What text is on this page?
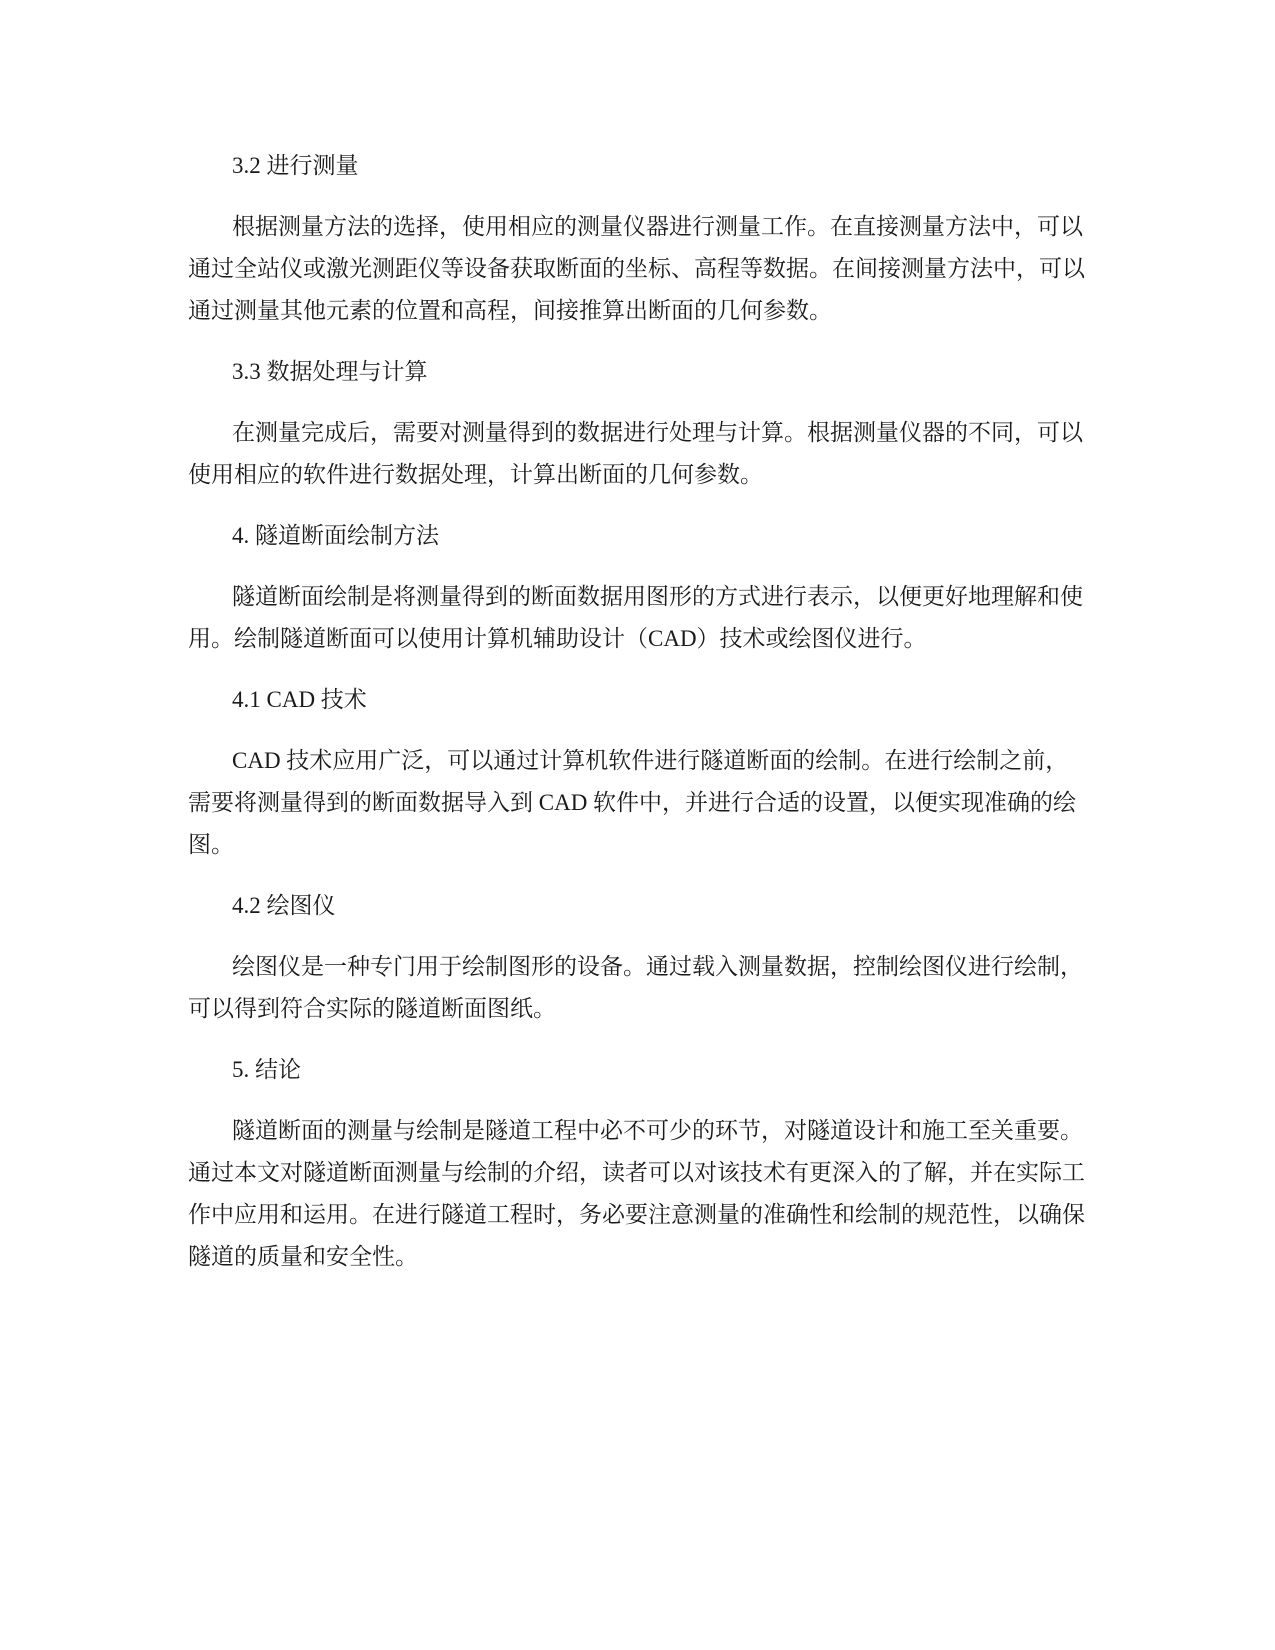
3.2 进行测量
根据测量方法的选择，使用相应的测量仪器进行测量工作。在直接测量方法中，可以通过全站仪或激光测距仪等设备获取断面的坐标、高程等数据。在间接测量方法中，可以通过测量其他元素的位置和高程，间接推算出断面的几何参数。
3.3 数据处理与计算
在测量完成后，需要对测量得到的数据进行处理与计算。根据测量仪器的不同，可以使用相应的软件进行数据处理，计算出断面的几何参数。
4. 隧道断面绘制方法
隧道断面绘制是将测量得到的断面数据用图形的方式进行表示，以便更好地理解和使用。绘制隧道断面可以使用计算机辅助设计（CAD）技术或绘图仪进行。
4.1 CAD 技术
CAD 技术应用广泛，可以通过计算机软件进行隧道断面的绘制。在进行绘制之前，需要将测量得到的断面数据导入到 CAD 软件中，并进行合适的设置，以便实现准确的绘图。
4.2 绘图仪
绘图仪是一种专门用于绘制图形的设备。通过载入测量数据，控制绘图仪进行绘制，可以得到符合实际的隧道断面图纸。
5. 结论
隧道断面的测量与绘制是隧道工程中必不可少的环节，对隧道设计和施工至关重要。通过本文对隧道断面测量与绘制的介绍，读者可以对该技术有更深入的了解，并在实际工作中应用和运用。在进行隧道工程时，务必要注意测量的准确性和绘制的规范性，以确保隧道的质量和安全性。
